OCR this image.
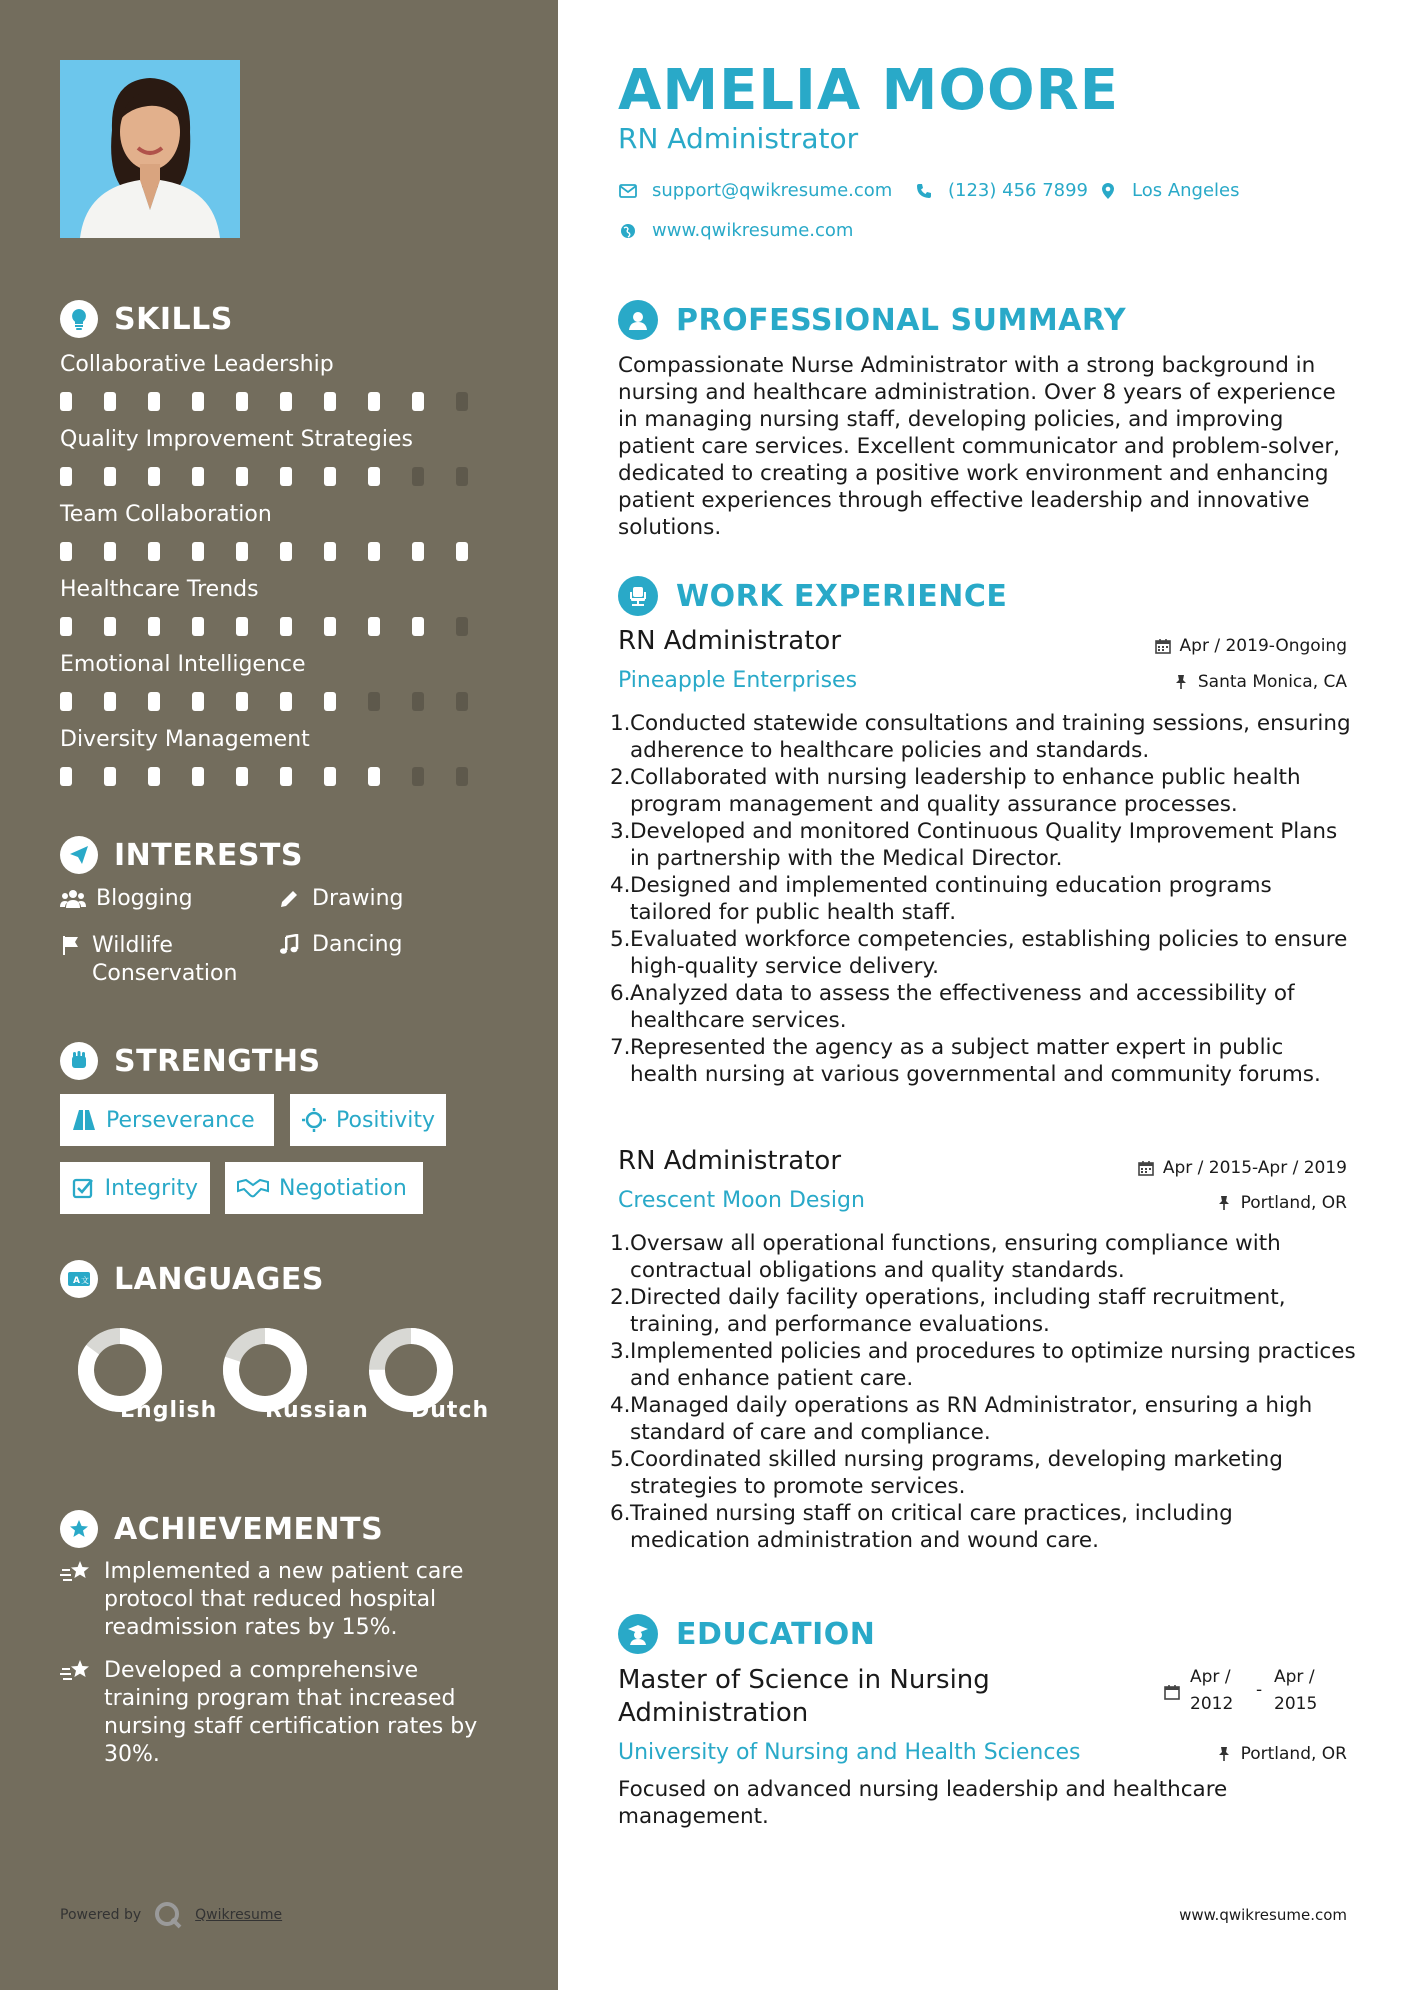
SKILLS
Collaborative Leadership
Quality Improvement Strategies
Team Collaboration
Healthcare Trends
Emotional Intelligence
Diversity Management
INTERESTS
Blogging	Drawing
Wildlife Conservation
Dancing
STRENGTHS
Perseverance	Positivity
Integrity	Negotiation
A 文 LANGUAGES
English Russian Dutch
ACHIEVEMENTS
Implemented a new patient care protocol that reduced hospital readmission rates by 15%.
Developed a comprehensive training program that increased nursing staff certification rates by 30%.
Powered by	Qwikresume
AMELIA MOORE
RN Administrator
support@qwikresume.com	(123) 456 7899 Los Angeles
www.qwikresume.com
PROFESSIONAL SUMMARY
Compassionate Nurse Administrator with a strong background in nursing and healthcare administration. Over 8 years of experience in managing nursing staff, developing policies, and improving patient care services. Excellent communicator and problem-solver, dedicated to creating a positive work environment and enhancing patient experiences through effective leadership and innovative solutions.
WORK EXPERIENCE
RN Administrator	Apr / 2019-Ongoing
Pineapple Enterprises	Santa Monica, CA
1. Conducted statewide consultations and training sessions, ensuring adherence to healthcare policies and standards.
2. Collaborated with nursing leadership to enhance public health program management and quality assurance processes.
3. Developed and monitored Continuous Quality Improvement Plans in partnership with the Medical Director.
4. Designed and implemented continuing education programs tailored for public health staff.
5. Evaluated workforce competencies, establishing policies to ensure high-quality service delivery.
6. Analyzed data to assess the effectiveness and accessibility of healthcare services.
7. Represented the agency as a subject matter expert in public health nursing at various governmental and community forums.
RN Administrator	Apr / 2015-Apr / 2019
Crescent Moon Design	Portland, OR
1. Oversaw all operational functions, ensuring compliance with contractual obligations and quality standards.
2. Directed daily facility operations, including staff recruitment, training, and performance evaluations.
3. Implemented policies and procedures to optimize nursing practices and enhance patient care.
4. Managed daily operations as RN Administrator, ensuring a high standard of care and compliance.
5. Coordinated skilled nursing programs, developing marketing strategies to promote services.
6. Trained nursing staff on critical care practices, including medication administration and wound care.
EDUCATION
Master of Science in Nursing Administration
Apr / 2012
-
Apr / 2015
University of Nursing and Health Sciences	Portland, OR
Focused on advanced nursing leadership and healthcare management.
www.qwikresume.com
